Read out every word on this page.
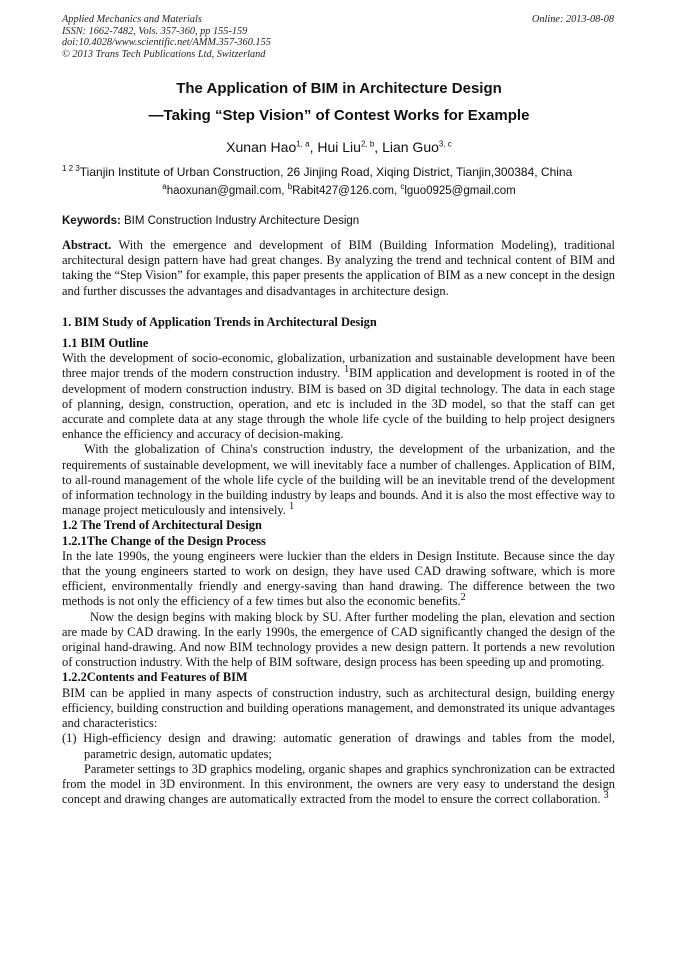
Applied Mechanics and Materials
ISSN: 1662-7482, Vols. 357-360, pp 155-159
doi:10.4028/www.scientific.net/AMM.357-360.155
© 2013 Trans Tech Publications Ltd, Switzerland
Online: 2013-08-08
The Application of BIM in Architecture Design
—Taking “Step Vision” of Contest Works for Example
Xunan Hao$^{1, a}$, Hui Liu$^{2, b}$, Lian Guo$^{3, c}$
$^{1 2 3}$Tianjin Institute of Urban Construction, 26 Jinjing Road, Xiqing District, Tianjin,300384, China
$^a$haoxunan@gmail.com, $^b$Rabit427@126.com, $^c$lguo0925@gmail.com
Keywords: BIM Construction Industry Architecture Design

Abstract. With the emergence and development of BIM (Building Information Modeling), traditional architectural design pattern have had great changes. By analyzing the trend and technical content of BIM and taking the “Step Vision” for example, this paper presents the application of BIM as a new concept in the design and further discusses the advantages and disadvantages in architecture design.

1. BIM Study of Application Trends in Architectural Design

1.1 BIM Outline

With the development of socio-economic, globalization, urbanization and sustainable development have been three major trends of the modern construction industry. $^1$BIM application and development is rooted in of the development of modern construction industry. BIM is based on 3D digital technology. The data in each stage of planning, design, construction, operation, and etc is included in the 3D model, so that the staff can get accurate and complete data at any stage through the whole life cycle of the building to help project designers enhance the efficiency and accuracy of decision-making.

With the globalization of China's construction industry, the development of the urbanization, and the requirements of sustainable development, we will inevitably face a number of challenges. Application of BIM, to all-round management of the whole life cycle of the building will be an inevitable trend of the development of information technology in the building industry by leaps and bounds. And it is also the most effective way to manage project meticulously and intensively. $^1$

1.2 The Trend of Architectural Design

1.2.1The Change of the Design Process

In the late 1990s, the young engineers were luckier than the elders in Design Institute. Because since the day that the young engineers started to work on design, they have used CAD drawing software, which is more efficient, environmentally friendly and energy-saving than hand drawing. The difference between the two methods is not only the efficiency of a few times but also the economic benefits.$^2$

Now the design begins with making block by SU. After further modeling the plan, elevation and section are made by CAD drawing. In the early 1990s, the emergence of CAD significantly changed the design of the original hand-drawing. And now BIM technology provides a new design pattern. It portends a new revolution of construction industry. With the help of BIM software, design process has been speeding up and promoting.

1.2.2Contents and Features of BIM

BIM can be applied in many aspects of construction industry, such as architectural design, building energy efficiency, building construction and building operations management, and demonstrated its unique advantages and characteristics:

(1) High-efficiency design and drawing: automatic generation of drawings and tables from the model, parametric design, automatic updates;

Parameter settings to 3D graphics modeling, organic shapes and graphics synchronization can be extracted from the model in 3D environment. In this environment, the owners are very easy to understand the design concept and drawing changes are automatically extracted from the model to ensure the correct collaboration. $^3$
